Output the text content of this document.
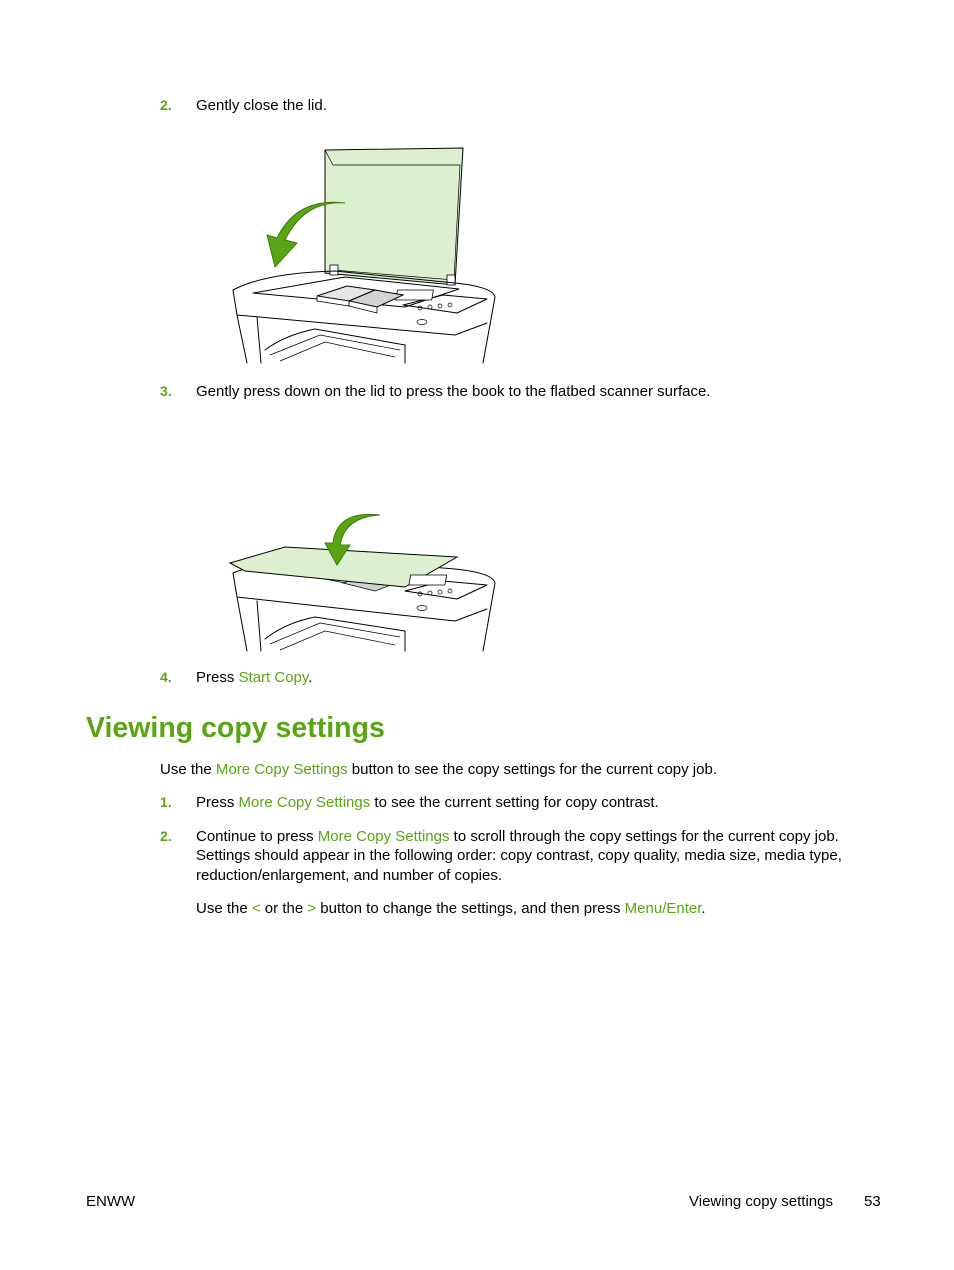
2. Gently close the lid.
3. Gently press down on the lid to press the book to the flatbed scanner surface.
4. Press Start Copy.
Viewing copy settings
Use the More Copy Settings button to see the copy settings for the current copy job.
1. Press More Copy Settings to see the current setting for copy contrast.
2. Continue to press More Copy Settings to scroll through the copy settings for the current copy job.
Settings should appear in the following order: copy contrast, copy quality, media size, media type,
reduction/enlargement, and number of copies.
Use the < or the > button to change the settings, and then press Menu/Enter.
ENWW	Viewing copy settings 53
